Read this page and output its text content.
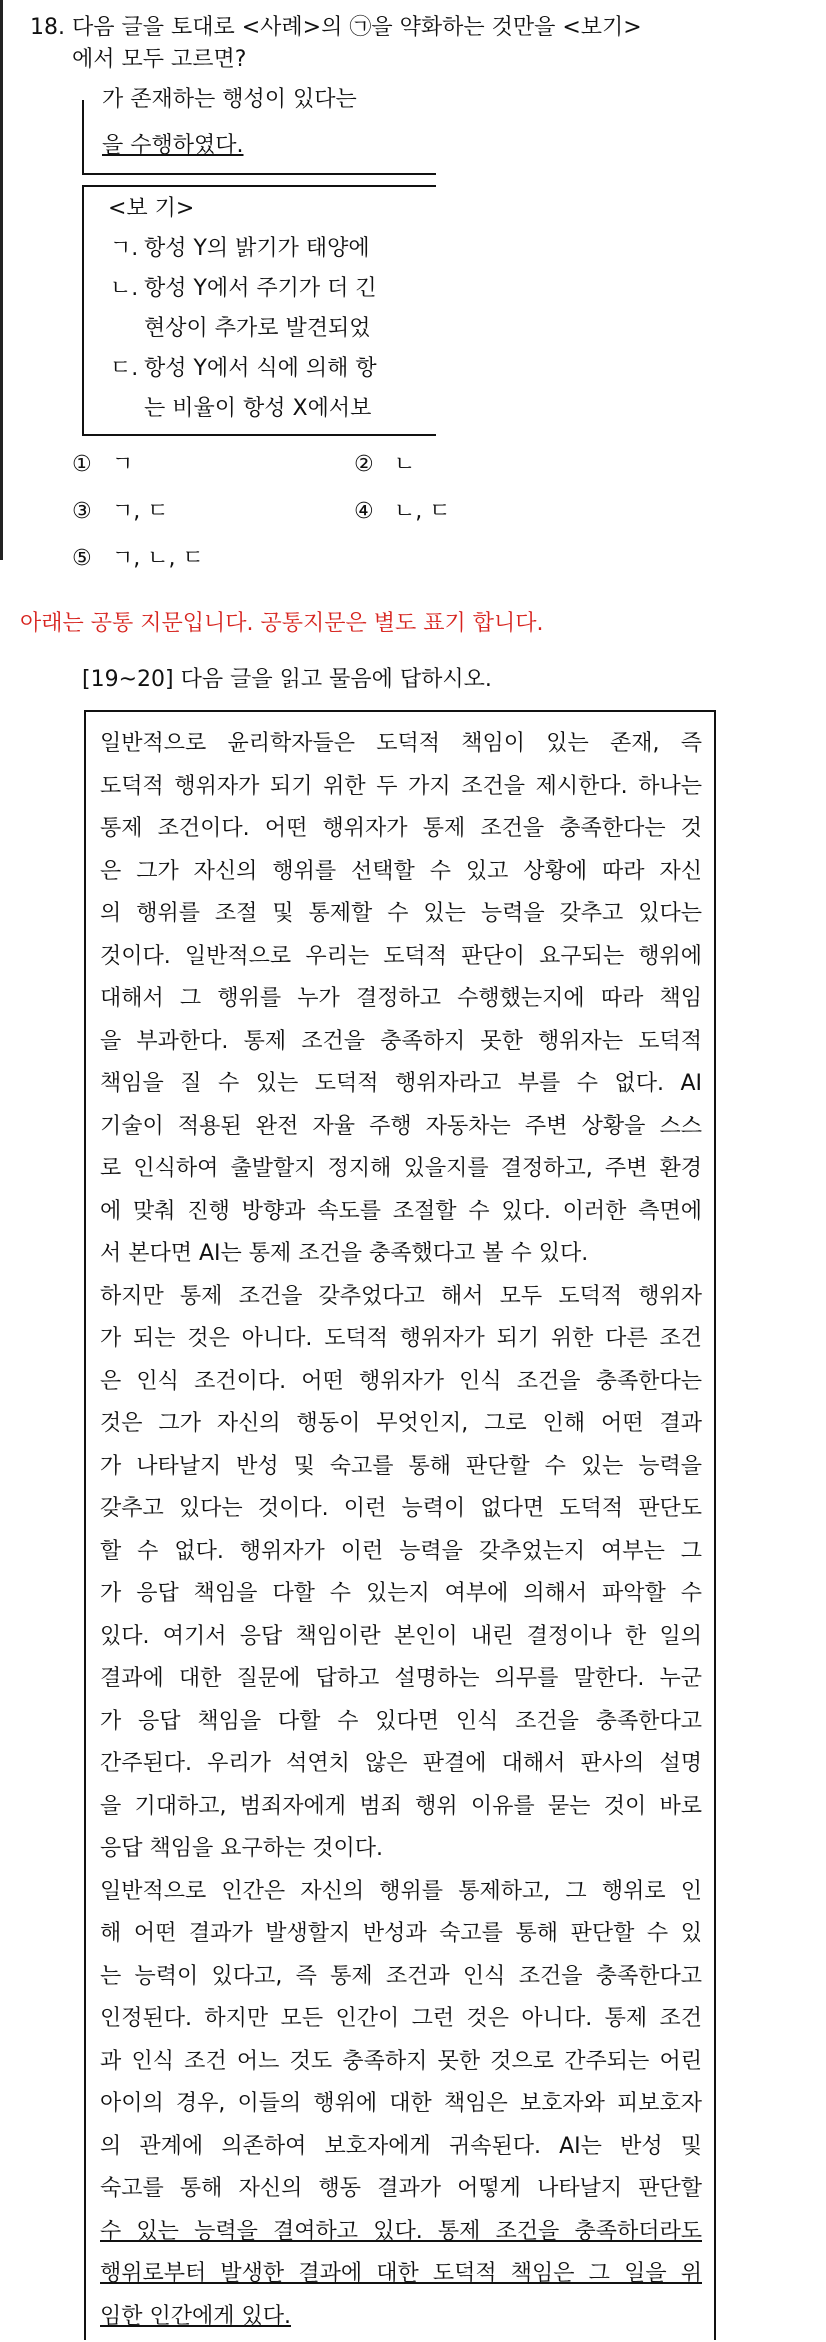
18. 다음 글을 토대로 <사례>의 ㉠을 약화하는 것만을 <보기>
에서 모두 고르면?
가 존재하는 행성이 있다는
을 수행하였다.
<보 기>
ㄱ. 항성 Y의 밝기가 태양에
ㄴ. 항성 Y에서 주기가 더 긴
현상이 추가로 발견되었
ㄷ. 항성 Y에서 식에 의해 항
는 비율이 항성 X에서보
① ㄱ	② ㄴ
③ ㄱ, ㄷ	④ ㄴ, ㄷ
⑤ ㄱ, ㄴ, ㄷ
아래는 공통 지문입니다. 공통지문은 별도 표기 합니다.
[19~20] 다음 글을 읽고 물음에 답하시오.
일반적으로 윤리학자들은 도덕적 책임이 있는 존재, 즉
도덕적 행위자가 되기 위한 두 가지 조건을 제시한다. 하나는
통제 조건이다. 어떤 행위자가 통제 조건을 충족한다는 것
은 그가 자신의 행위를 선택할 수 있고 상황에 따라 자신
의 행위를 조절 및 통제할 수 있는 능력을 갖추고 있다는
것이다. 일반적으로 우리는 도덕적 판단이 요구되는 행위에
대해서 그 행위를 누가 결정하고 수행했는지에 따라 책임
을 부과한다. 통제 조건을 충족하지 못한 행위자는 도덕적
책임을 질 수 있는 도덕적 행위자라고 부를 수 없다. AI
기술이 적용된 완전 자율 주행 자동차는 주변 상황을 스스
로 인식하여 출발할지 정지해 있을지를 결정하고, 주변 환경
에 맞춰 진행 방향과 속도를 조절할 수 있다. 이러한 측면에
서 본다면 AI는 통제 조건을 충족했다고 볼 수 있다.
하지만 통제 조건을 갖추었다고 해서 모두 도덕적 행위자
가 되는 것은 아니다. 도덕적 행위자가 되기 위한 다른 조건
은 인식 조건이다. 어떤 행위자가 인식 조건을 충족한다는
것은 그가 자신의 행동이 무엇인지, 그로 인해 어떤 결과
가 나타날지 반성 및 숙고를 통해 판단할 수 있는 능력을
갖추고 있다는 것이다. 이런 능력이 없다면 도덕적 판단도
할 수 없다. 행위자가 이런 능력을 갖추었는지 여부는 그
가 응답 책임을 다할 수 있는지 여부에 의해서 파악할 수
있다. 여기서 응답 책임이란 본인이 내린 결정이나 한 일의
결과에 대한 질문에 답하고 설명하는 의무를 말한다. 누군
가 응답 책임을 다할 수 있다면 인식 조건을 충족한다고
간주된다. 우리가 석연치 않은 판결에 대해서 판사의 설명
을 기대하고, 범죄자에게 범죄 행위 이유를 묻는 것이 바로
응답 책임을 요구하는 것이다.
일반적으로 인간은 자신의 행위를 통제하고, 그 행위로 인
해 어떤 결과가 발생할지 반성과 숙고를 통해 판단할 수 있
는 능력이 있다고, 즉 통제 조건과 인식 조건을 충족한다고
인정된다. 하지만 모든 인간이 그런 것은 아니다. 통제 조건
과 인식 조건 어느 것도 충족하지 못한 것으로 간주되는 어린
아이의 경우, 이들의 행위에 대한 책임은 보호자와 피보호자
의 관계에 의존하여 보호자에게 귀속된다. AI는 반성 및
숙고를 통해 자신의 행동 결과가 어떻게 나타날지 판단할
수 있는 능력을 결여하고 있다. 통제 조건을 충족하더라도
행위로부터 발생한 결과에 대한 도덕적 책임은 그 일을 위
임한 인간에게 있다.
